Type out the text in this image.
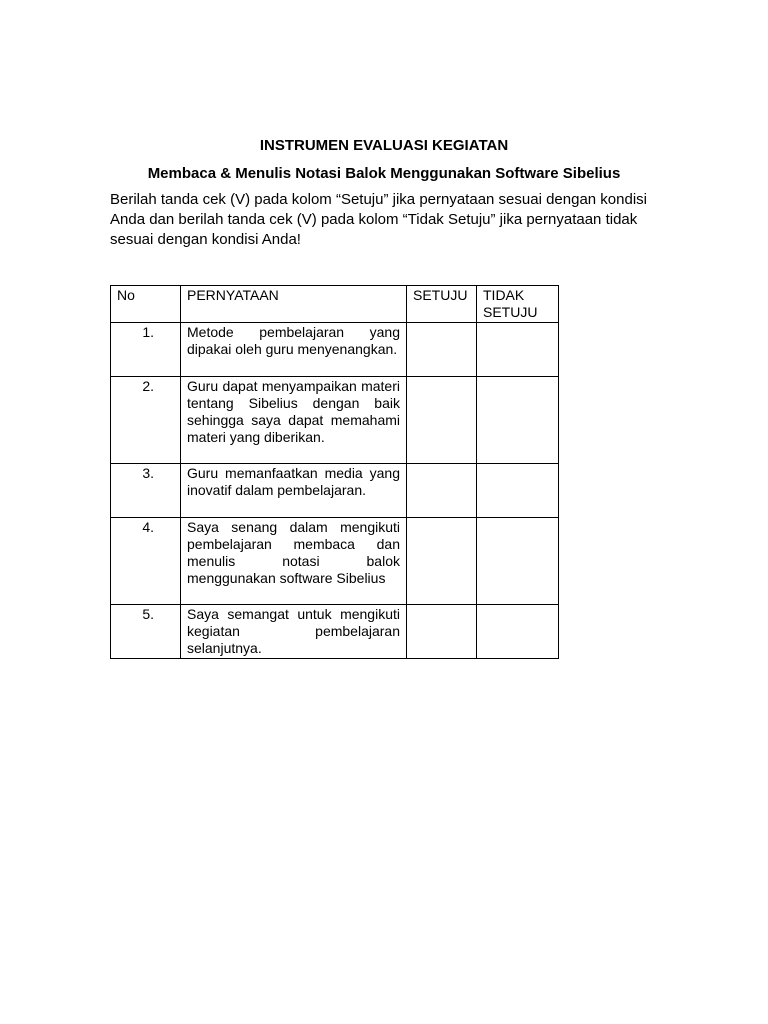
INSTRUMEN EVALUASI KEGIATAN
Membaca & Menulis Notasi Balok Menggunakan Software Sibelius
Berilah tanda cek (V) pada kolom “Setuju” jika pernyataan sesuai dengan kondisi Anda dan berilah tanda cek (V) pada kolom “Tidak Setuju” jika pernyataan tidak sesuai dengan kondisi Anda!
No	PERNYATAAN	SETUJU	TIDAK SETUJU
1.	Metode pembelajaran yang dipakai oleh guru menyenangkan.		
2.	Guru dapat menyampaikan materi tentang Sibelius dengan baik sehingga saya dapat memahami materi yang diberikan.		
3.	Guru memanfaatkan media yang inovatif dalam pembelajaran.		
4.	Saya senang dalam mengikuti pembelajaran membaca dan menulis notasi balok menggunakan software Sibelius		
5.	Saya semangat untuk mengikuti kegiatan pembelajaran selanjutnya.		
